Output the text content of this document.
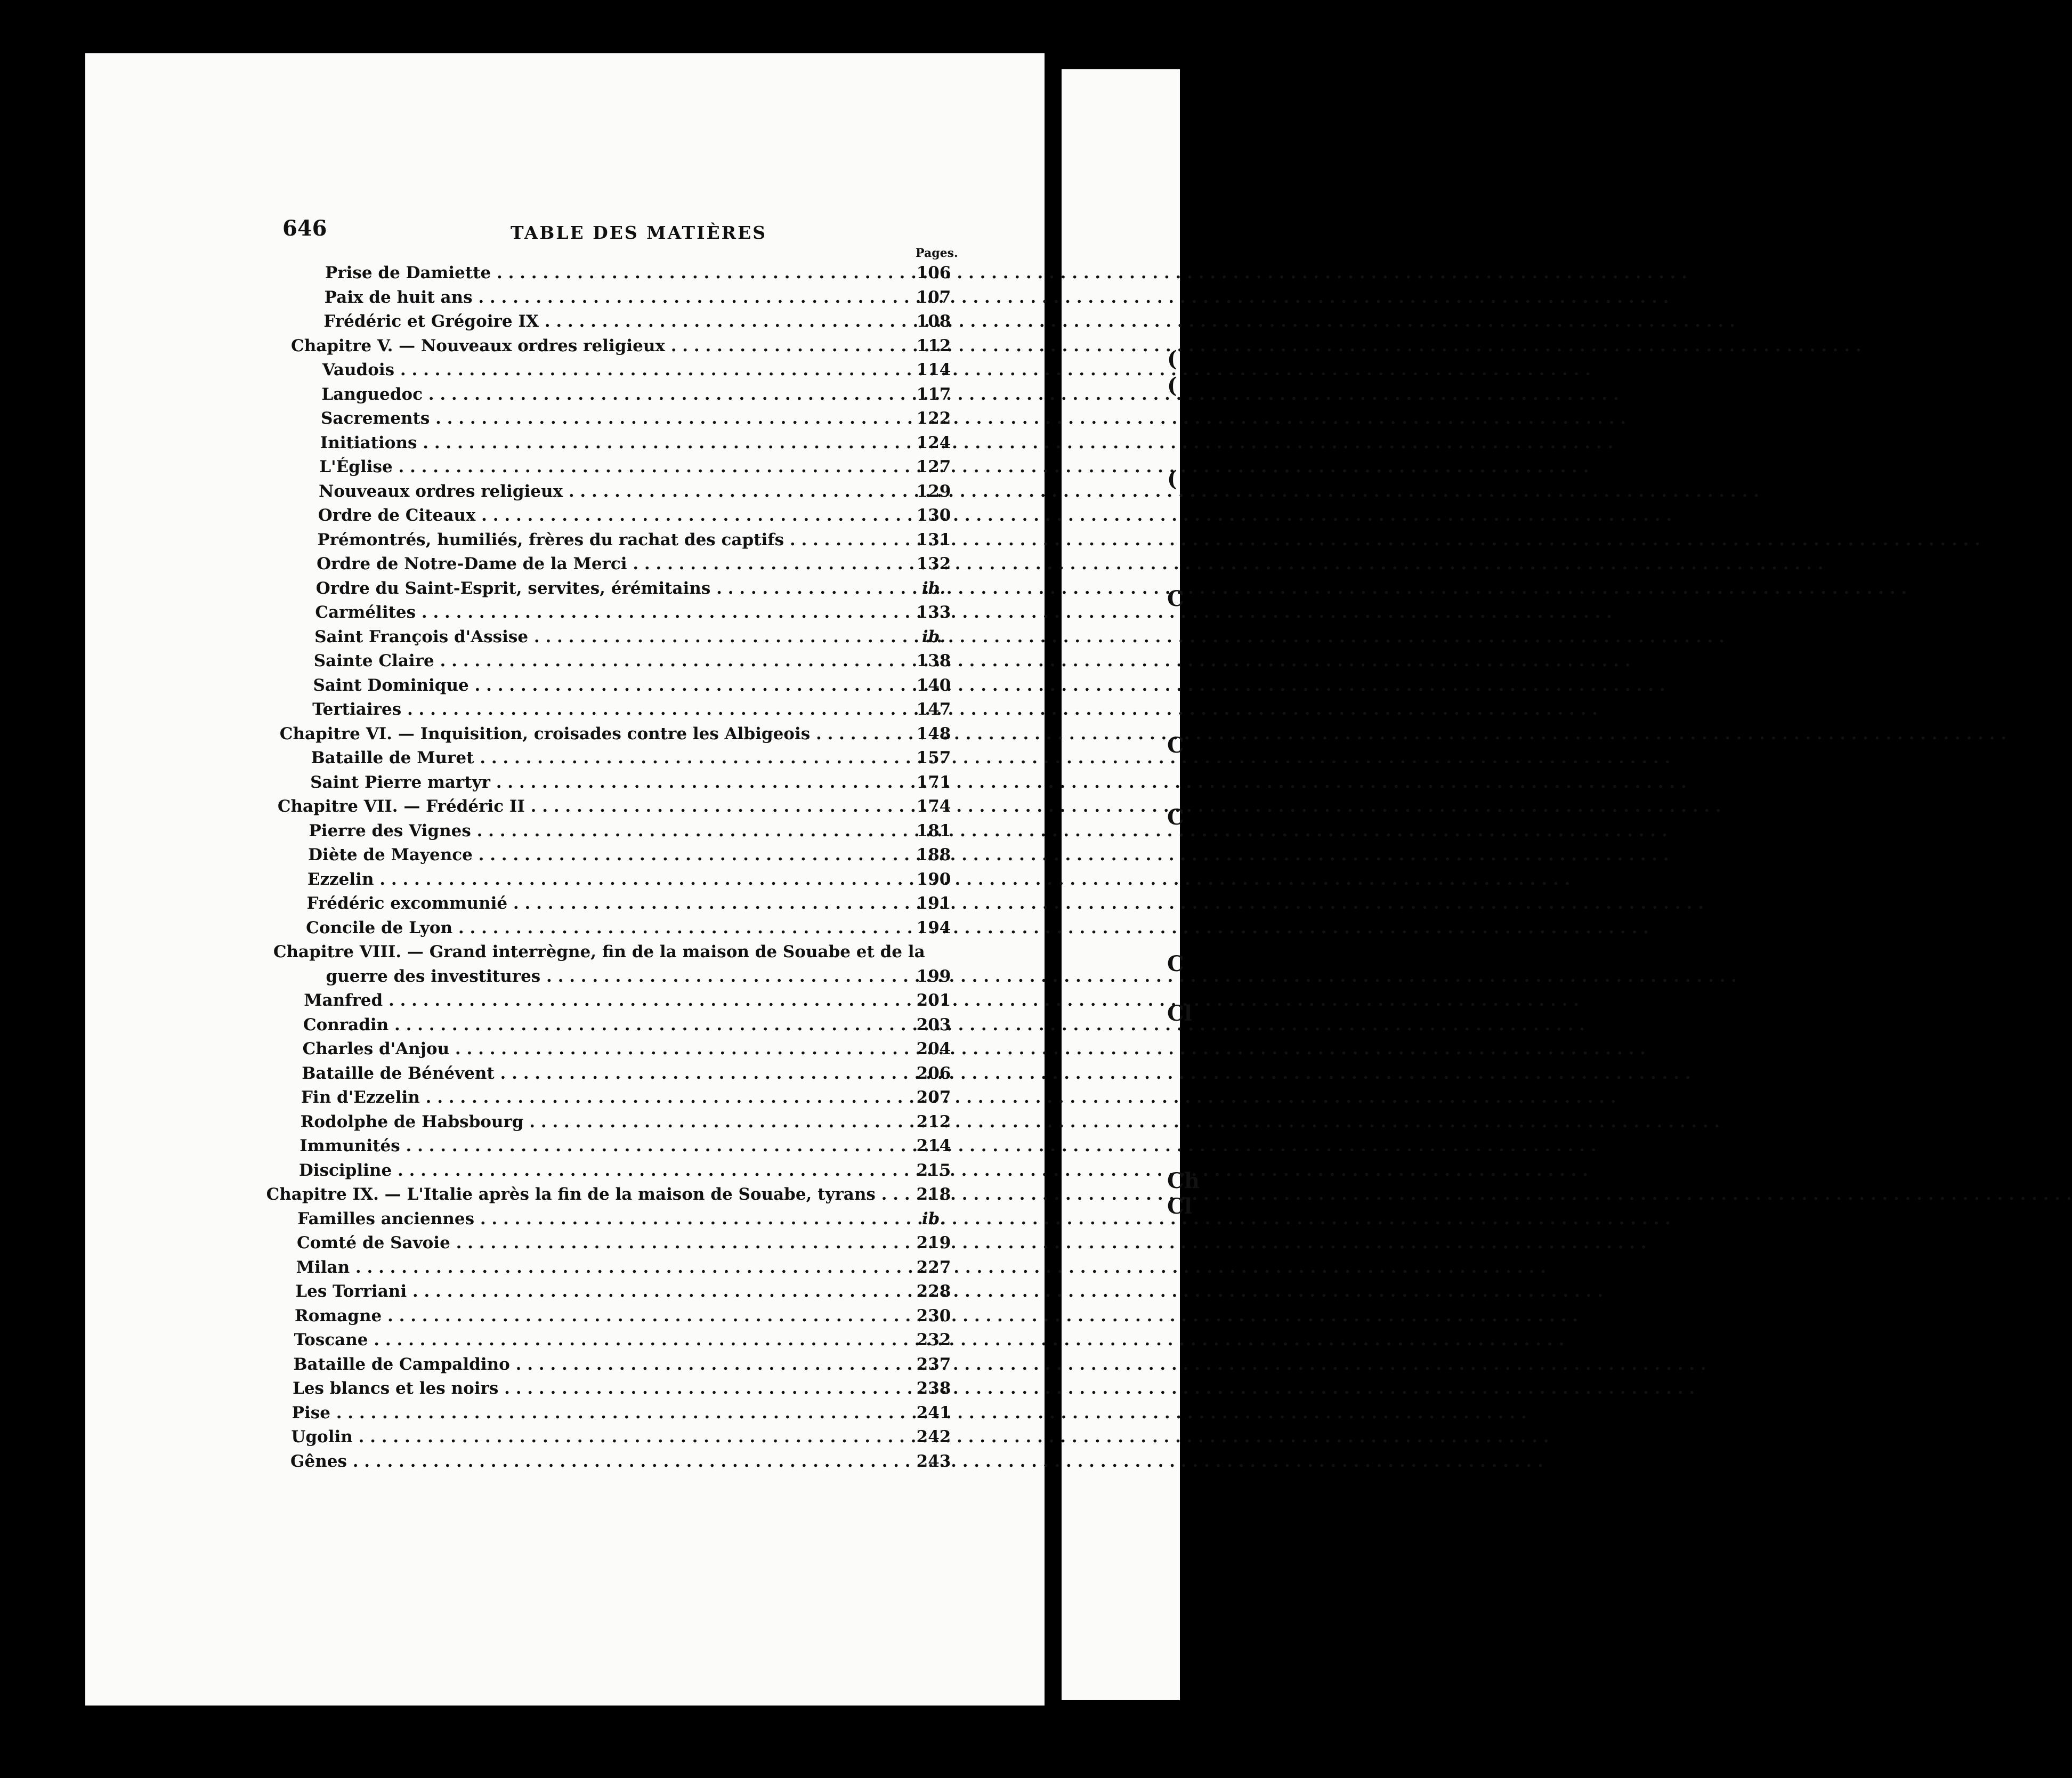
(
(
(
C
C
C
C
Cl
Ch
Cl
646	TABLE DES MATIÈRES
Pages.
Prise de Damiette . . .	106
Paix de huit ans . . .	107
Frédéric et Grégoire IX . . .	108
Chapitre V. — Nouveaux ordres religieux . . .	112
Vaudois . . .	114
Languedoc . . .	117
Sacrements . . .	122
Initiations . . .	124
L'Église . . .	127
Nouveaux ordres religieux . . .	129
Ordre de Citeaux . . .	130
Prémontrés, humiliés, frères du rachat des captifs . . .	131
Ordre de Notre-Dame de la Merci . . .	132
Ordre du Saint-Esprit, servites, érémitains . . .	ib.
Carmélites . . .	133
Saint François d'Assise . . .	ib.
Sainte Claire . . .	138
Saint Dominique . . .	140
Tertiaires . . .	147
Chapitre VI. — Inquisition, croisades contre les Albigeois . . .	148
Bataille de Muret . . .	157
Saint Pierre martyr . . .	171
Chapitre VII. — Frédéric II . . .	174
Pierre des Vignes . . .	181
Diète de Mayence . . .	188
Ezzelin . . .	190
Frédéric excommunié . . .	191
Concile de Lyon . . .	194
Chapitre VIII. — Grand interrègne, fin de la maison de Souabe et de la
guerre des investitures . . .	199
Manfred . . .	201
Conradin . . .	203
Charles d'Anjou . . .	204
Bataille de Bénévent . . .	206
Fin d'Ezzelin . . .	207
Rodolphe de Habsbourg . . .	212
Immunités . . .	214
Discipline . . .	215
Chapitre IX. — L'Italie après la fin de la maison de Souabe, tyrans . . .	218
Familles anciennes . . .	ib.
Comté de Savoie . . .	219
Milan . . .	227
Les Torriani . . .	228
Romagne . . .	230
Toscane . . .	232
Bataille de Campaldino . . .	237
Les blancs et les noirs . . .	238
Pise . . .	241
Ugolin . . .	242
Gênes . . .	243
